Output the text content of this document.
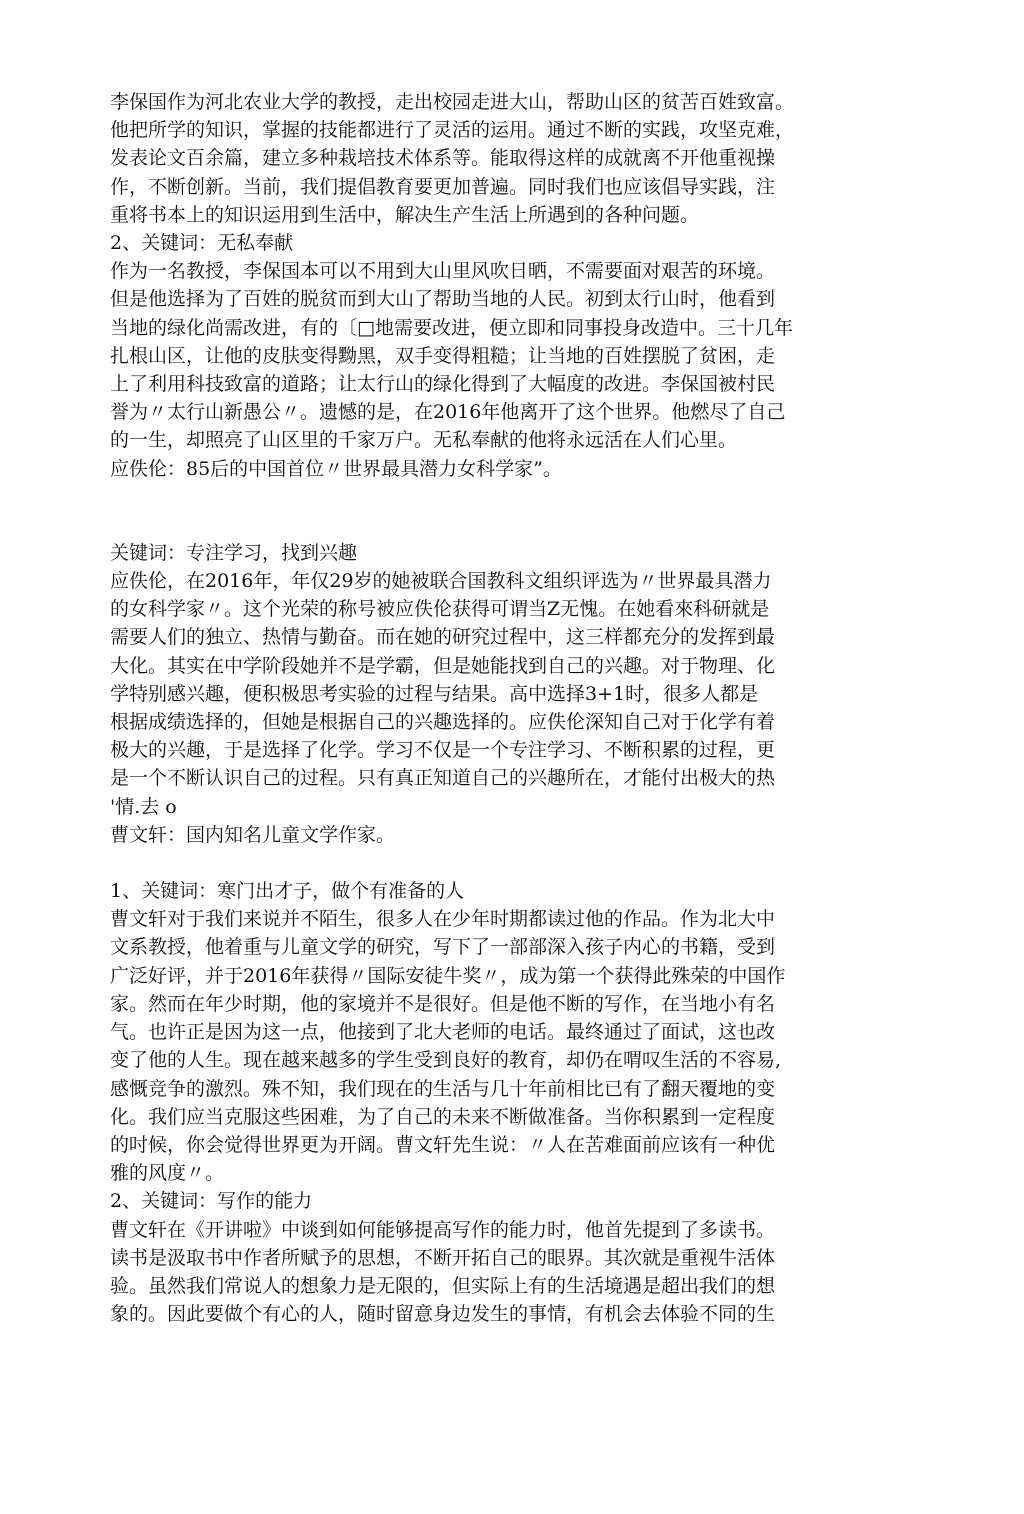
李保国作为河北农业大学的教授，走出校园走进大山，帮助山区的贫苦百姓致富。
他把所学的知识，掌握的技能都进行了灵活的运用。通过不断的实践，攻坚克难，
发表论文百余篇，建立多种栽培技术体系等。能取得这样的成就离不开他重视操
作，不断创新。当前，我们提倡教育要更加普遍。同时我们也应该倡导实践，注
重将书本上的知识运用到生活中，解决生产生活上所遇到的各种问题。
2、关键词：无私奉献
作为一名教授，李保国本可以不用到大山里风吹日晒，不需要面对艰苦的环境。
但是他选择为了百姓的脱贫而到大山了帮助当地的人民。初到太行山时，他看到
当地的绿化尚需改进，有的〔□地需要改进，便立即和同事投身改造中。三十几年
扎根山区，让他的皮肤变得黝黑，双手变得粗糙；让当地的百姓摆脱了贫困，走
上了利用科技致富的道路；让太行山的绿化得到了大幅度的改进。李保国被村民
誉为〃太行山新愚公〃。遗憾的是，在2016年他离开了这个世界。他燃尽了自己
的一生，却照亮了山区里的千家万户。无私奉献的他将永远活在人们心里。
应佚伦：85后的中国首位〃世界最具潜力女科学家”。
关键词：专注学习，找到兴趣
应佚伦，在2016年，年仅29岁的她被联合国教科文组织评选为〃世界最具潜力
的女科学家〃。这个光荣的称号被应佚伦获得可谓当Z无愧。在她看來科研就是
需要人们的独立、热情与勤奋。而在她的研究过程中，这三样都充分的发挥到最
大化。其实在中学阶段她并不是学霸，但是她能找到自己的兴趣。对于物理、化
学特别感兴趣，便积极思考实验的过程与结果。高中选择3+1时，很多人都是
根据成绩选择的，但她是根据自己的兴趣选择的。应佚伦深知自己对于化学有着
极大的兴趣，于是选择了化学。学习不仅是一个专注学习、不断积累的过程，更
是一个不断认识自己的过程。只有真正知道自己的兴趣所在，才能付出极大的热
'情.去 o
曹文轩：国内知名儿童文学作家。
1、关键词：寒门出才子，做个有准备的人
曹文轩对于我们来说并不陌生，很多人在少年时期都读过他的作品。作为北大中
文系教授，他着重与儿童文学的研究，写下了一部部深入孩子内心的书籍，受到
广泛好评，并于2016年获得〃国际安徒牛奖〃，成为第一个获得此殊荣的中国作
家。然而在年少时期，他的家境并不是很好。但是他不断的写作，在当地小有名
气。也许正是因为这一点，他接到了北大老师的电话。最终通过了面试，这也改
变了他的人生。现在越来越多的学生受到良好的教育，却仍在喟叹生活的不容易,
感慨竞争的激烈。殊不知，我们现在的生活与几十年前相比已有了翻天覆地的变
化。我们应当克服这些困难，为了自己的未来不断做准备。当你积累到一定程度
的吋候，你会觉得世界更为开阔。曹文轩先生说：〃人在苦难面前应该有一种优
雅的风度〃。
2、关键词：写作的能力
曹文轩在《开讲啦》中谈到如何能够提高写作的能力时，他首先提到了多读书。
读书是汲取书中作者所赋予的思想，不断开拓自己的眼界。其次就是重视牛活体
验。虽然我们常说人的想象力是无限的，但实际上有的生活境遇是超出我们的想
象的。因此要做个有心的人，随时留意身边发生的事情，有机会去体验不同的生
